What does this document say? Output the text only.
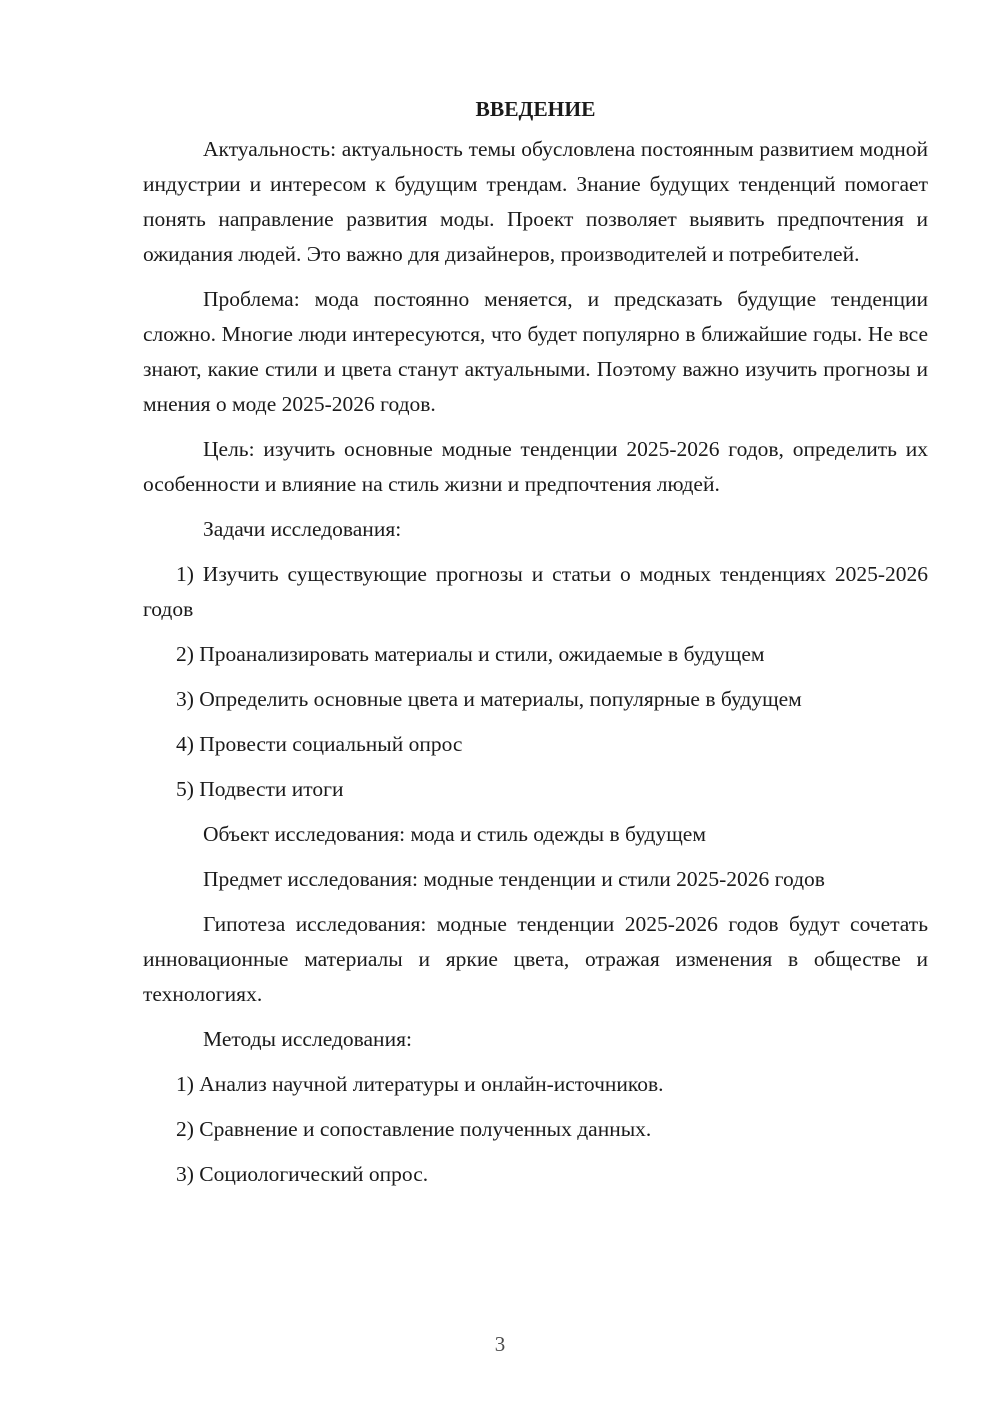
ВВЕДЕНИЕ

Актуальность: актуальность темы обусловлена постоянным развитием модной индустрии и интересом к будущим трендам. Знание будущих тенденций помогает понять направление развития моды. Проект позволяет выявить предпочтения и ожидания людей. Это важно для дизайнеров, производителей и потребителей.

Проблема: мода постоянно меняется, и предсказать будущие тенденции сложно. Многие люди интересуются, что будет популярно в ближайшие годы. Не все знают, какие стили и цвета станут актуальными. Поэтому важно изучить прогнозы и мнения о моде 2025-2026 годов.

Цель: изучить основные модные тенденции 2025-2026 годов, определить их особенности и влияние на стиль жизни и предпочтения людей.

Задачи исследования:

1) Изучить существующие прогнозы и статьи о модных тенденциях 2025-2026 годов

2) Проанализировать материалы и стили, ожидаемые в будущем

3) Определить основные цвета и материалы, популярные в будущем

4) Провести социальный опрос

5) Подвести итоги

Объект исследования: мода и стиль одежды в будущем

Предмет исследования: модные тенденции и стили 2025-2026 годов

Гипотеза исследования: модные тенденции 2025-2026 годов будут сочетать инновационные материалы и яркие цвета, отражая изменения в обществе и технологиях.

Методы исследования:

1) Анализ научной литературы и онлайн-источников.

2) Сравнение и сопоставление полученных данных.

3) Социологический опрос.

3
